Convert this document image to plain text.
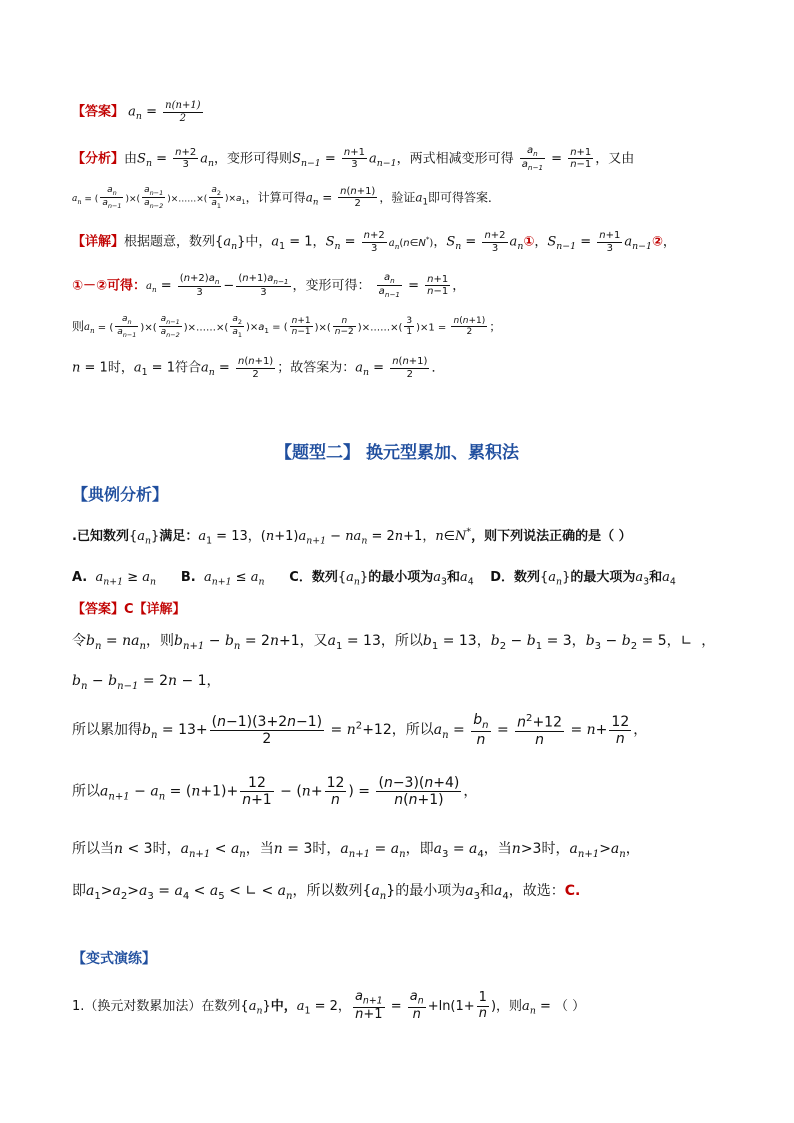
【答案】 $a_n = \frac{n(n+1)}{2}$
【分析】由$S_n = \frac{n+2}{3} a_n$，变形可得则$S_{n-1} = \frac{n+1}{3} a_{n-1}$，两式相减变形可得 $\frac{a_n}{a_{n-1}} = \frac{n+1}{n-1}$ ，又由
$a_n$ = ( $\frac{a_n}{a_{n-1}}$ )×( $\frac{a_{n-1}}{a_{n-2}}$ )×……×( $\frac{a_2}{a_1} )\times a_1$，计算可得$a_n = \frac{n(n+1)}{2}$ ，验证$a_1$即可得答案．
【详解】根据题意，数列$\{a_n\}$中，$a_1 = 1$，$S_n = \frac{n+2}{3}$ $a_n(n\in N^*)$，$S_n = \frac{n+2}{3}$ $a_n①$，$S_{n-1} = \frac{n+1}{3}$ $a_{n-1}②$，
①－②可得：$a_n = \frac{(n+2)a_n}{3} - \frac{(n+1)a_{n-1}}{3}$ ，变形可得： $\frac{a_n}{a_{n-1}} = \frac{n+1}{n-1}$ ，
则$a_n$ = ( $\frac{a_n}{a_{n-1}}$ )×( $\frac{a_{n-1}}{a_{n-2}}$ )×……×( $\frac{a_2}{a_1} )\times a_1$ = ( $\frac{n+1}{n-1}$ )×( $\frac{n}{n-2}$ )×……×( $\frac{3}{1} )\times 1 = \frac{n(n+1)}{2}$ ；
n = 1时，$a_1 = 1$符合$a_n = \frac{n(n+1)}{2}$ ；故答案为：$a_n = \frac{n(n+1)}{2}$ ．
【题型二】 换元型累加、累积法
【典例分析】
.已知数列$\{a_n\}$满足：$a_1 = 13$，$(n+1)a_{n+1} - na_n = 2n+1$，n∈N*，则下列说法正确的是（ ）
A. $a_{n+1} \ge a_n$ B. $a_{n+1} \le a_n$ C．数列$\{a_n\}$的最小项为$a_3$和$a_4$ D．数列$\{a_n\}$的最大项为$a_3$和$a_4$
【答案】C【详解】
令$b_n = na_n$，则$b_{n+1} - b_n = 2n+1$，又$a_1 = 13$，所以$b_1 = 13$，$b_2 - b_1 = 3$，$b_3 - b_2 = 5$，∟  ，
$b_n - b_{n-1} = 2n - 1$，
所以累加得$b_n = 13+ \frac{(n-1)(3+2n-1)}{2} = n^2+12$，所以$a_n = \frac{b_n}{n} = \frac{n^2+12}{n} = n+ \frac{12}{n}$ ，
所以$a_{n+1} - a_n = (n+1)+ \frac{12}{n+1} - (n+ \frac{12}{n}$ ) = $\frac{(n-3)(n+4)}{n(n+1)}$ ，
所以当n < 3时，$a_{n+1} < a_n$，当n = 3时，$a_{n+1} = a_n$，即$a_3 = a_4$，当n>3时，$a_{n+1}>a_n$，
即$a_1>a_2>a_3 = a_4 < a_5$ < ∟ < $a_n$，所以数列$\{a_n\}$的最小项为$a_3$和$a_4$，故选：C.
【变式演练】
1.（换元对数累加法）在数列$\{a_n\}$中，$a_1 = 2$， $\frac{a_{n+1}}{n+1} = \frac{a_n}{n} +\ln(1+ \frac{1}{n}$ )，则$a_n$ = （ ）
